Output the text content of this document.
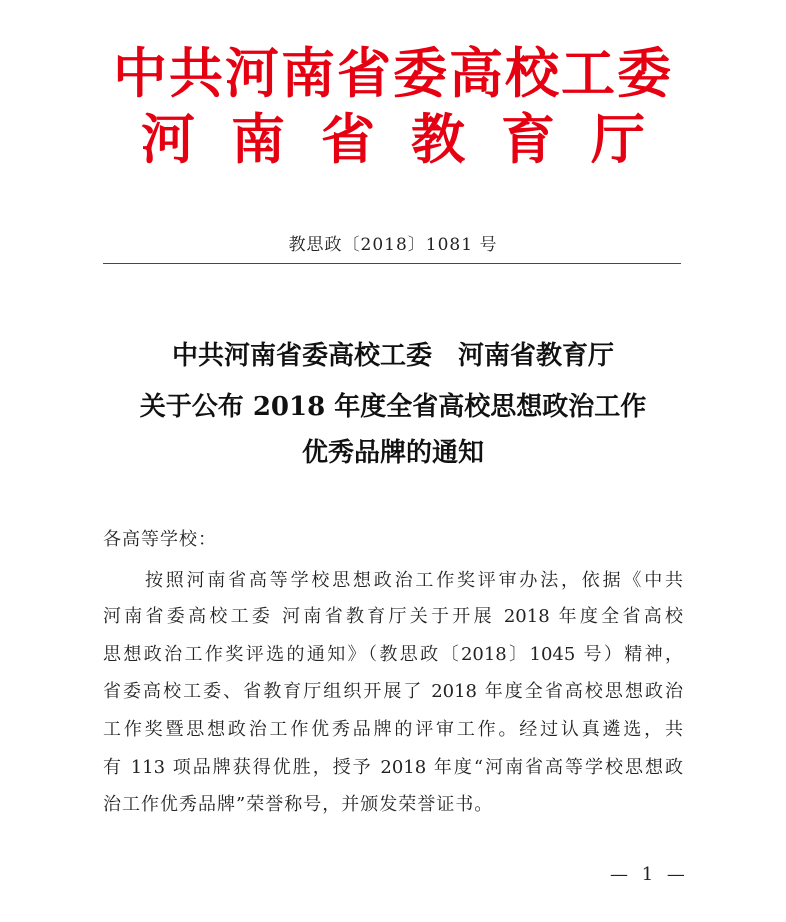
中共河南省委高校工委
河南省教育厅
教思政〔2018〕1081 号
中共河南省委高校工委 河南省教育厅
关于公布 2018 年度全省高校思想政治工作
优秀品牌的通知
各高等学校：
按照河南省高等学校思想政治工作奖评审办法，依据《中共
河南省委高校工委 河南省教育厅关于开展 2018 年度全省高校
思想政治工作奖评选的通知》（教思政〔2018〕1045 号）精神，
省委高校工委、省教育厅组织开展了 2018 年度全省高校思想政治
工作奖暨思想政治工作优秀品牌的评审工作。经过认真遴选，共
有 113 项品牌获得优胜，授予 2018 年度“河南省高等学校思想政
治工作优秀品牌”荣誉称号，并颁发荣誉证书。
— 1 —
